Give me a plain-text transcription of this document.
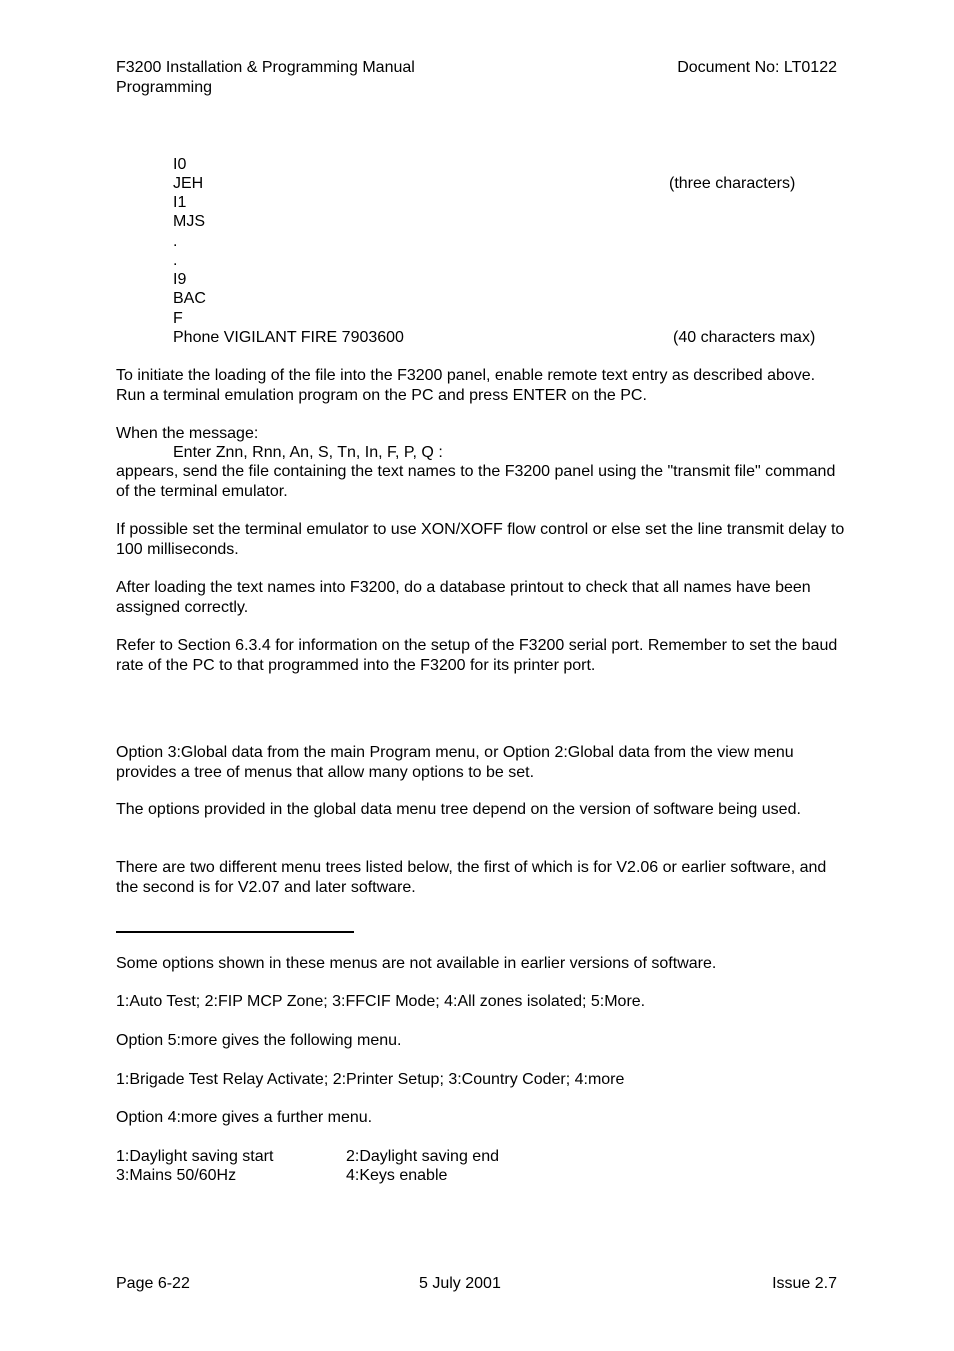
F3200 Installation & Programming Manual	Document No: LT0122
Programming
I0
JEH	(three characters)
I1
MJS
.
.
I9
BAC
F
Phone VIGILANT FIRE 7903600	(40 characters max)
To initiate the loading of the file into the F3200 panel, enable remote text entry as described above. Run a terminal emulation program on the PC and press ENTER on the PC.
When the message:
Enter Znn, Rnn, An, S, Tn, In, F, P, Q :
appears, send the file containing the text names to the F3200 panel using the "transmit file" command of the terminal emulator.
If possible set the terminal emulator to use XON/XOFF flow control or else set the line transmit delay to 100 milliseconds.
After loading the text names into F3200, do a database printout to check that all names have been assigned correctly.
Refer to Section 6.3.4 for information on the setup of the F3200 serial port. Remember to set the baud rate of the PC to that programmed into the F3200 for its printer port.
Option 3:Global data from the main Program menu, or Option 2:Global data from the view menu provides a tree of menus that allow many options to be set.
The options provided in the global data menu tree depend on the version of software being used.
There are two different menu trees listed below, the first of which is for V2.06 or earlier software, and the second is for V2.07 and later software.
Some options shown in these menus are not available in earlier versions of software.
1:Auto Test; 2:FIP MCP Zone; 3:FFCIF Mode; 4:All zones isolated; 5:More.
Option 5:more gives the following menu.
1:Brigade Test Relay Activate; 2:Printer Setup; 3:Country Coder; 4:more
Option 4:more gives a further menu.
1:Daylight saving start	2:Daylight saving end
3:Mains 50/60Hz	4:Keys enable
Page 6-22	5 July 2001	Issue 2.7
